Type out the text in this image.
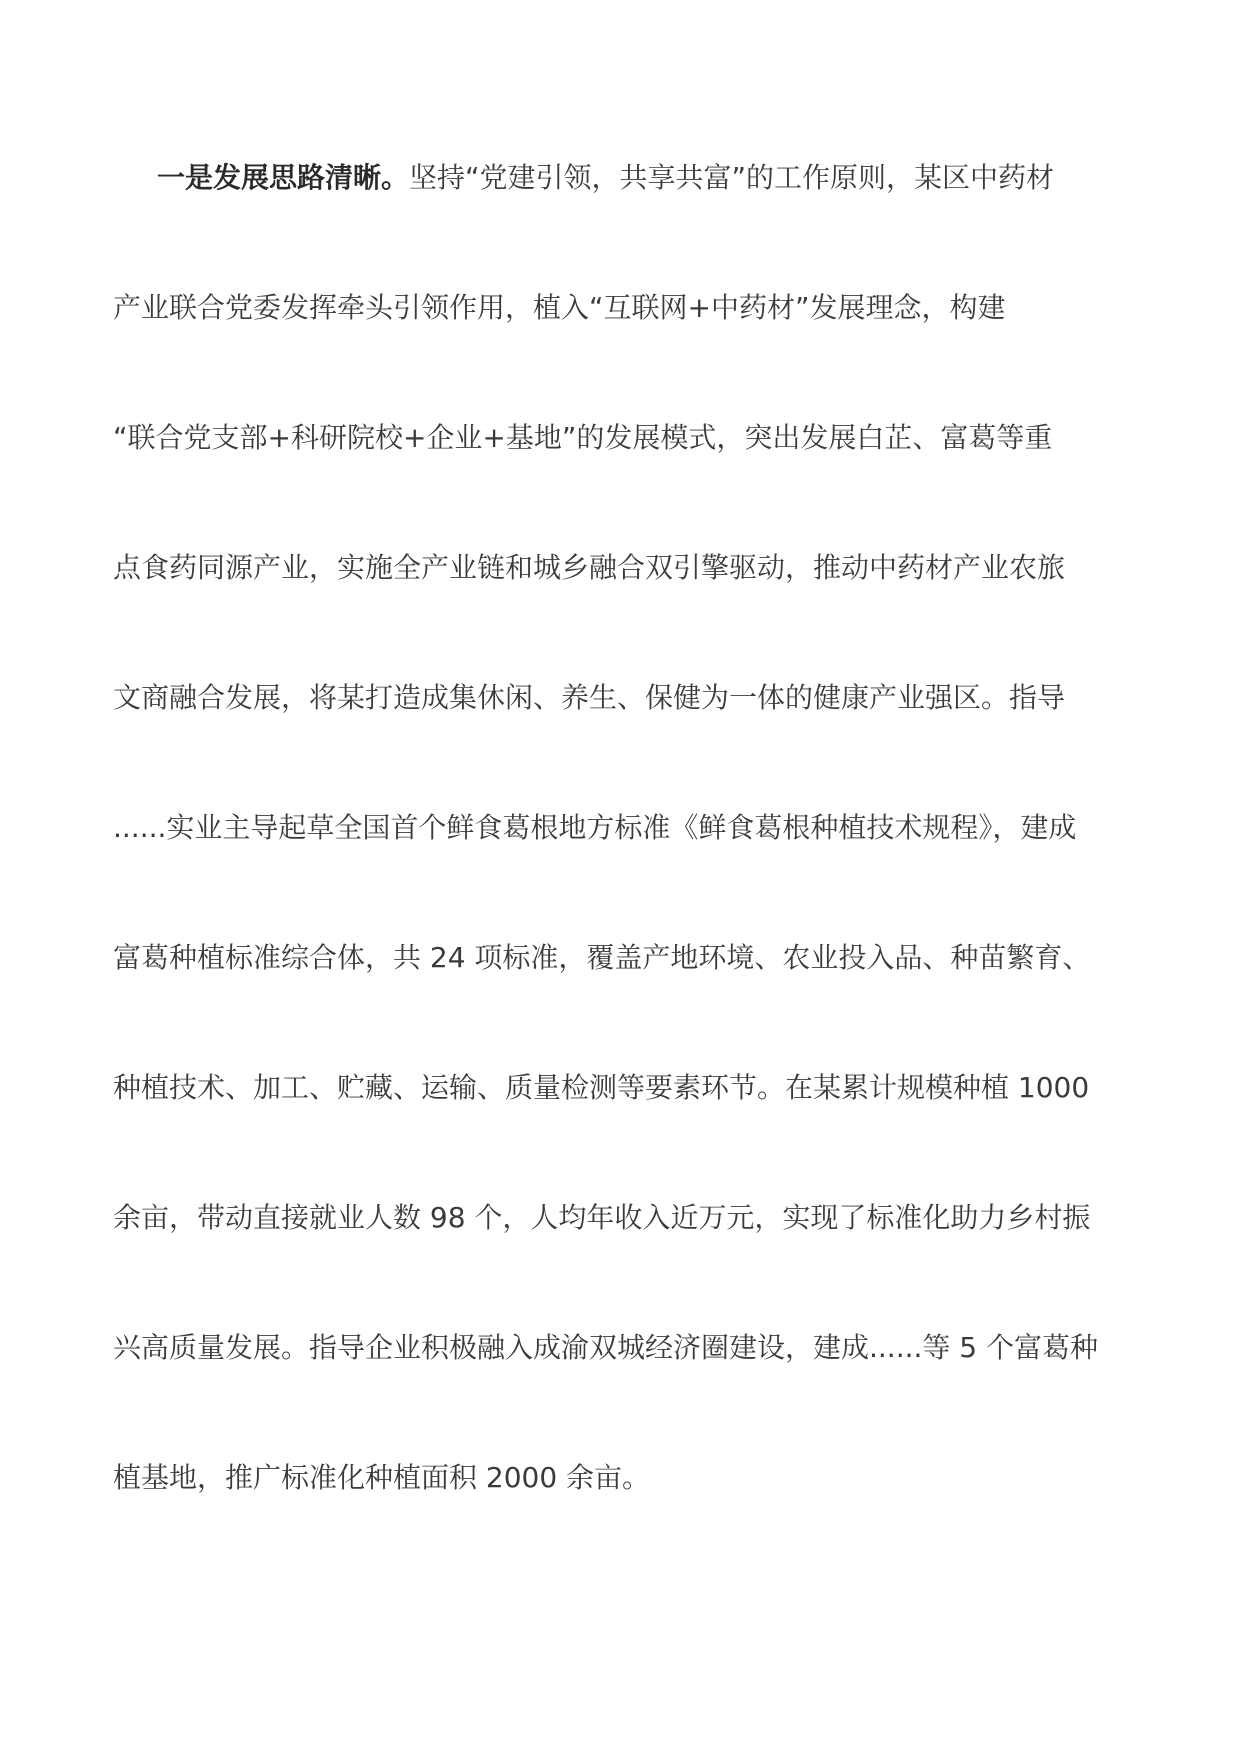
一是发展思路清晰。坚持“党建引领，共享共富”的工作原则，某区中药材
产业联合党委发挥牵头引领作用，植入“互联网+中药材”发展理念，构建
“联合党支部+科研院校+企业+基地”的发展模式，突出发展白芷、富葛等重
点食药同源产业，实施全产业链和城乡融合双引擎驱动，推动中药材产业农旅
文商融合发展，将某打造成集休闲、养生、保健为一体的健康产业强区。指导
......实业主导起草全国首个鲜食葛根地方标准《鲜食葛根种植技术规程》，建成
富葛种植标准综合体，共 24 项标准，覆盖产地环境、农业投入品、种苗繁育、
种植技术、加工、贮藏、运输、质量检测等要素环节。在某累计规模种植 1000
余亩，带动直接就业人数 98 个，人均年收入近万元，实现了标准化助力乡村振
兴高质量发展。指导企业积极融入成渝双城经济圈建设，建成......等 5 个富葛种
植基地，推广标准化种植面积 2000 余亩。
